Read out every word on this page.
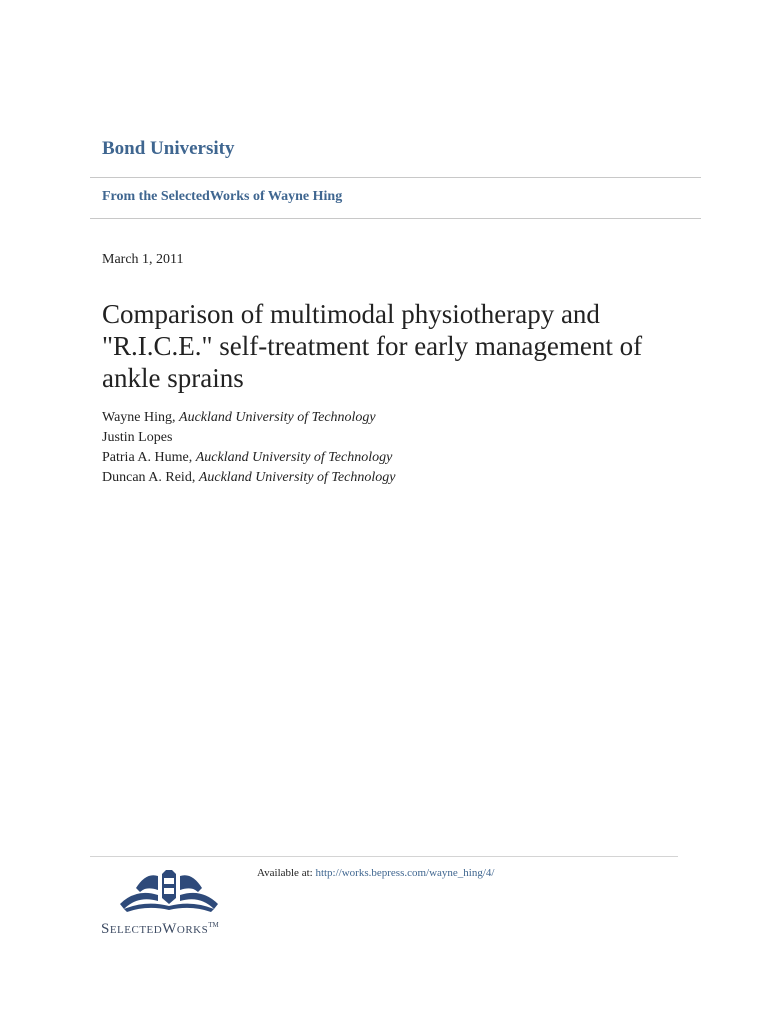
Bond University
From the SelectedWorks of Wayne Hing
March 1, 2011
Comparison of multimodal physiotherapy and
"R.I.C.E." self-treatment for early management of
ankle sprains
Wayne Hing, Auckland University of Technology
Justin Lopes
Patria A. Hume, Auckland University of Technology
Duncan A. Reid, Auckland University of Technology
SelectedWorks™
Available at: http://works.bepress.com/wayne_hing/4/
